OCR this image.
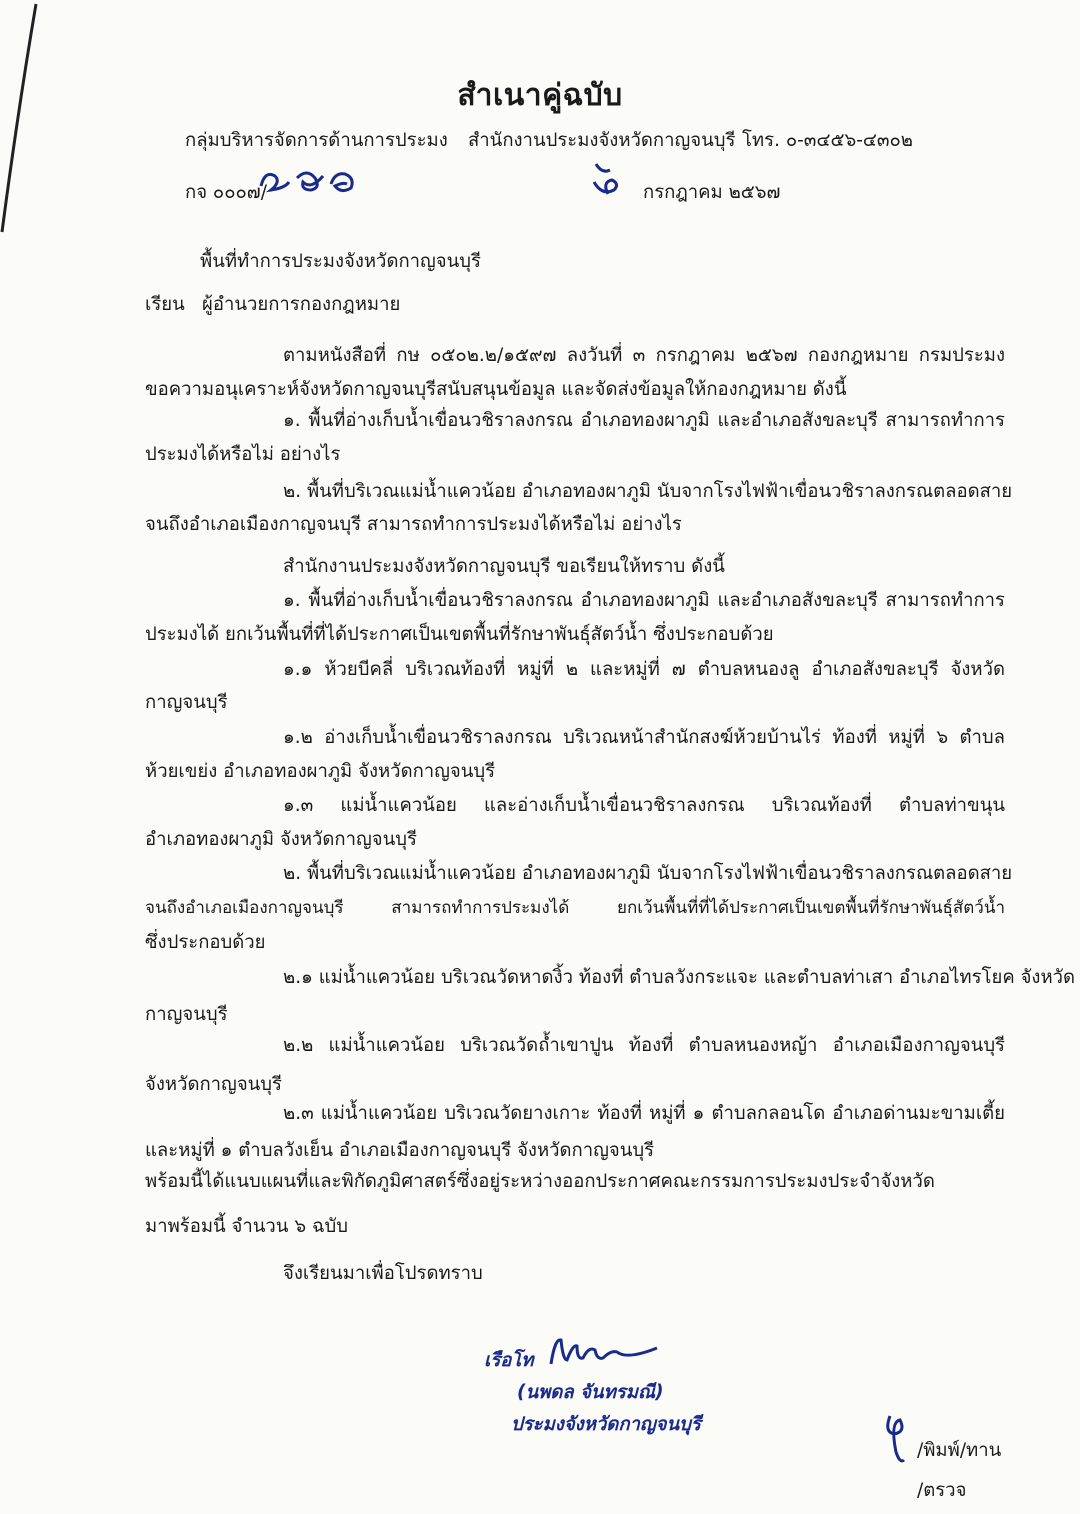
สำเนาคู่ฉบับ
กลุ่มบริหารจัดการด้านการประมง สำนักงานประมงจังหวัดกาญจนบุรี โทร. ๐-๓๔๕๖-๔๓๐๒
กจ ๐๐๐๗/	กรกฎาคม ๒๕๖๗
พื้นที่ทำการประมงจังหวัดกาญจนบุรี
เรียน ผู้อำนวยการกองกฎหมาย
ตามหนังสือที่ กษ ๐๕๐๒.๒/๑๕๙๗ ลงวันที่ ๓ กรกฎาคม ๒๕๖๗ กองกฎหมาย กรมประมง
ขอความอนุเคราะห์จังหวัดกาญจนบุรีสนับสนุนข้อมูล และจัดส่งข้อมูลให้กองกฎหมาย ดังนี้
๑. พื้นที่อ่างเก็บน้ำเขื่อนวชิราลงกรณ อำเภอทองผาภูมิ และอำเภอสังขละบุรี สามารถทำการ
ประมงได้หรือไม่ อย่างไร
๒. พื้นที่บริเวณแม่น้ำแควน้อย อำเภอทองผาภูมิ นับจากโรงไฟฟ้าเขื่อนวชิราลงกรณตลอดสาย
จนถึงอำเภอเมืองกาญจนบุรี สามารถทำการประมงได้หรือไม่ อย่างไร
สำนักงานประมงจังหวัดกาญจนบุรี ขอเรียนให้ทราบ ดังนี้
๑. พื้นที่อ่างเก็บน้ำเขื่อนวชิราลงกรณ อำเภอทองผาภูมิ และอำเภอสังขละบุรี สามารถทำการ
ประมงได้ ยกเว้นพื้นที่ที่ได้ประกาศเป็นเขตพื้นที่รักษาพันธุ์สัตว์น้ำ ซึ่งประกอบด้วย
๑.๑ ห้วยบีคลี่ บริเวณท้องที่ หมู่ที่ ๒ และหมู่ที่ ๗ ตำบลหนองลู อำเภอสังขละบุรี จังหวัด
กาญจนบุรี
๑.๒ อ่างเก็บน้ำเขื่อนวชิราลงกรณ บริเวณหน้าสำนักสงฆ์ห้วยบ้านไร่ ท้องที่ หมู่ที่ ๖ ตำบล
ห้วยเขย่ง อำเภอทองผาภูมิ จังหวัดกาญจนบุรี
๑.๓ แม่น้ำแควน้อย และอ่างเก็บน้ำเขื่อนวชิราลงกรณ บริเวณท้องที่ ตำบลท่าขนุน
อำเภอทองผาภูมิ จังหวัดกาญจนบุรี
๒. พื้นที่บริเวณแม่น้ำแควน้อย อำเภอทองผาภูมิ นับจากโรงไฟฟ้าเขื่อนวชิราลงกรณตลอดสาย
จนถึงอำเภอเมืองกาญจนบุรี สามารถทำการประมงได้ ยกเว้นพื้นที่ที่ได้ประกาศเป็นเขตพื้นที่รักษาพันธุ์สัตว์น้ำ
ซึ่งประกอบด้วย
๒.๑ แม่น้ำแควน้อย บริเวณวัดหาดงิ้ว ท้องที่ ตำบลวังกระแจะ และตำบลท่าเสา อำเภอไทรโยค จังหวัด
กาญจนบุรี
๒.๒ แม่น้ำแควน้อย บริเวณวัดถ้ำเขาปูน ท้องที่ ตำบลหนองหญ้า อำเภอเมืองกาญจนบุรี
จังหวัดกาญจนบุรี
๒.๓ แม่น้ำแควน้อย บริเวณวัดยางเกาะ ท้องที่ หมู่ที่ ๑ ตำบลกลอนโด อำเภอด่านมะขามเตี้ย
และหมู่ที่ ๑ ตำบลวังเย็น อำเภอเมืองกาญจนบุรี จังหวัดกาญจนบุรี
พร้อมนี้ได้แนบแผนที่และพิกัดภูมิศาสตร์ซึ่งอยู่ระหว่างออกประกาศคณะกรรมการประมงประจำจังหวัด
มาพร้อมนี้ จำนวน ๖ ฉบับ
จึงเรียนมาเพื่อโปรดทราบ
เรือโท
(นพดล จันทรมณี)
ประมงจังหวัดกาญจนบุรี
/พิมพ์/ทาน
/ตรวจ
